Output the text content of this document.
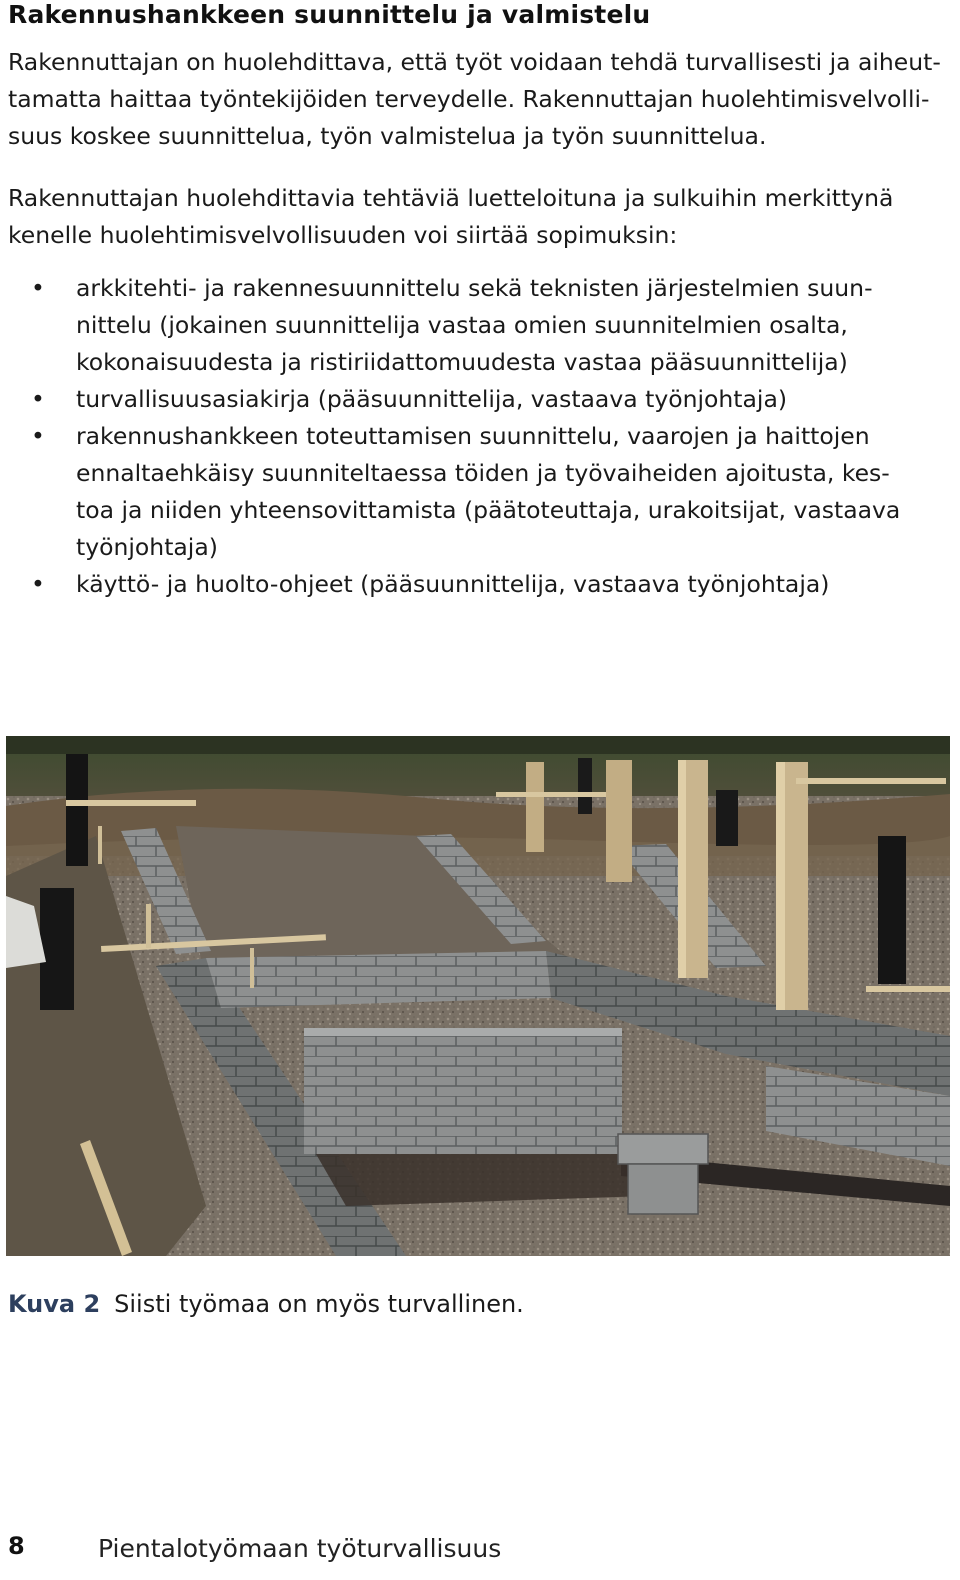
Rakennushankkeen suunnittelu ja valmistelu
Rakennuttajan on huolehdittava, että työt voidaan tehdä turvallisesti ja aiheut-
tamatta haittaa työntekijöiden terveydelle. Rakennuttajan huolehtimisvelvolli-
suus koskee suunnittelua, työn valmistelua ja työn suunnittelua.
Rakennuttajan huolehdittavia tehtäviä luetteloituna ja sulkuihin merkittynä
kenelle huolehtimisvelvollisuuden voi siirtää sopimuksin:
• arkkitehti- ja rakennesuunnittelu sekä teknisten järjestelmien suun-
nittelu (jokainen suunnittelija vastaa omien suunnitelmien osalta,
kokonaisuudesta ja ristiriidattomuudesta vastaa pääsuunnittelija)
• turvallisuusasiakirja (pääsuunnittelija, vastaava työnjohtaja)
• rakennushankkeen toteuttamisen suunnittelu, vaarojen ja haittojen
ennaltaehkäisy suunniteltaessa töiden ja työvaiheiden ajoitusta, kes-
toa ja niiden yhteensovittamista (päätoteuttaja, urakoitsijat, vastaava
työnjohtaja)
• käyttö- ja huolto-ohjeet (pääsuunnittelija, vastaava työnjohtaja)
Kuva 2 Siisti työmaa on myös turvallinen.
8	Pientalotyömaan työturvallisuus
